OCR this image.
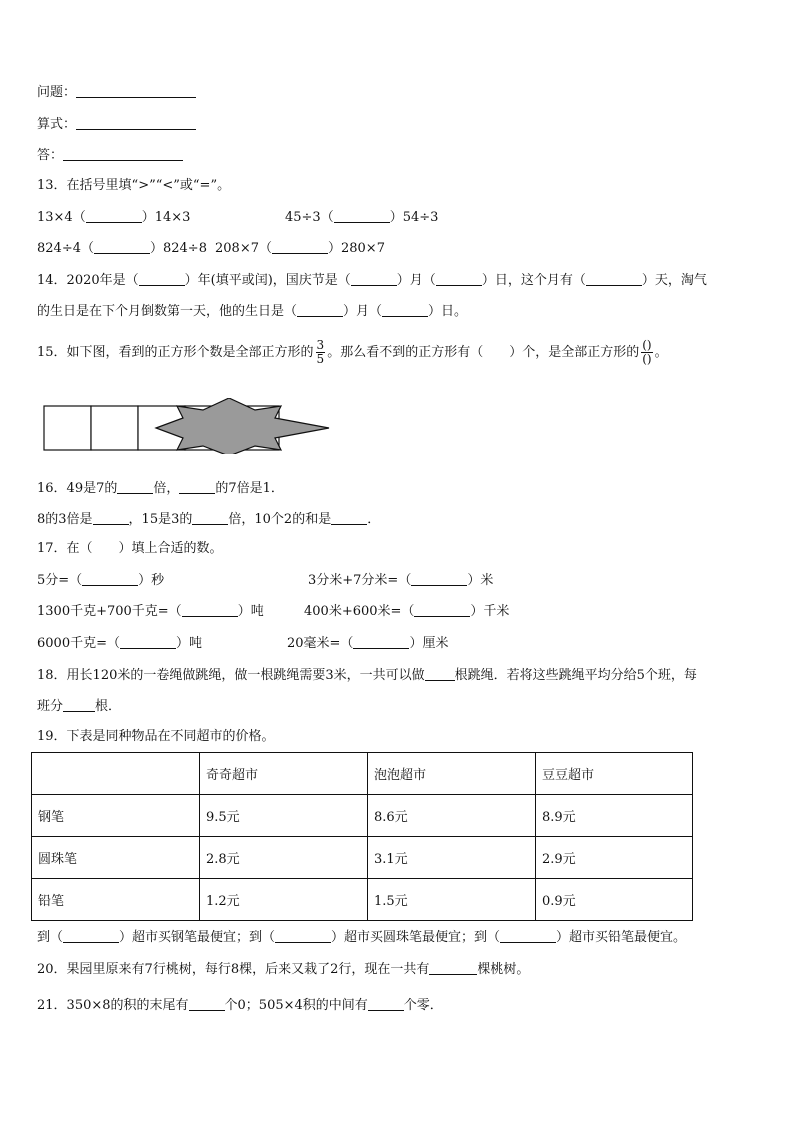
问题：
算式：
答：
13．在括号里填“>”“<”或“=”。
13×4（	）14×3	45÷3（	）54÷3
824÷4（	）824÷8 208×7（	）280×7
14．2020年是（	）年(填平或闰)，国庆节是（	）月（	）日，这个月有（	）天，淘气
的生日是在下个月倒数第一天，他的生日是（	）月（	）日。
15．如下图，看到的正方形个数是全部正方形的 $\frac{3}{5}$ 。那么看不到的正方形有（　　）个，是全部正方形的 $\frac{()}{()}$ 。
16．49是7的	倍，	的7倍是1．
8的3倍是	，15是3的	倍，10个2的和是	．
17．在（　　）填上合适的数。
5分=（	）秒	3分米+7分米=（	）米
1300千克+700千克=（	）吨	400米+600米=（	）千米
6000千克=（	）吨	20毫米=（	）厘米
18．用长120米的一卷绳做跳绳，做一根跳绳需要3米，一共可以做 根跳绳．若将这些跳绳平均分给5个班，每
班分 根．
19．下表是同种物品在不同超市的价格。
	奇奇超市	泡泡超市	豆豆超市
钢笔	9.5元	8.6元	8.9元
圆珠笔	2.8元	3.1元	2.9元
铅笔	1.2元	1.5元	0.9元
到（	）超市买钢笔最便宜；到（	）超市买圆珠笔最便宜；到（	）超市买铅笔最便宜。
20．果园里原来有7行桃树，每行8棵，后来又栽了2行，现在一共有	棵桃树。
21．350×8的积的末尾有	个0；505×4积的中间有	个零．
